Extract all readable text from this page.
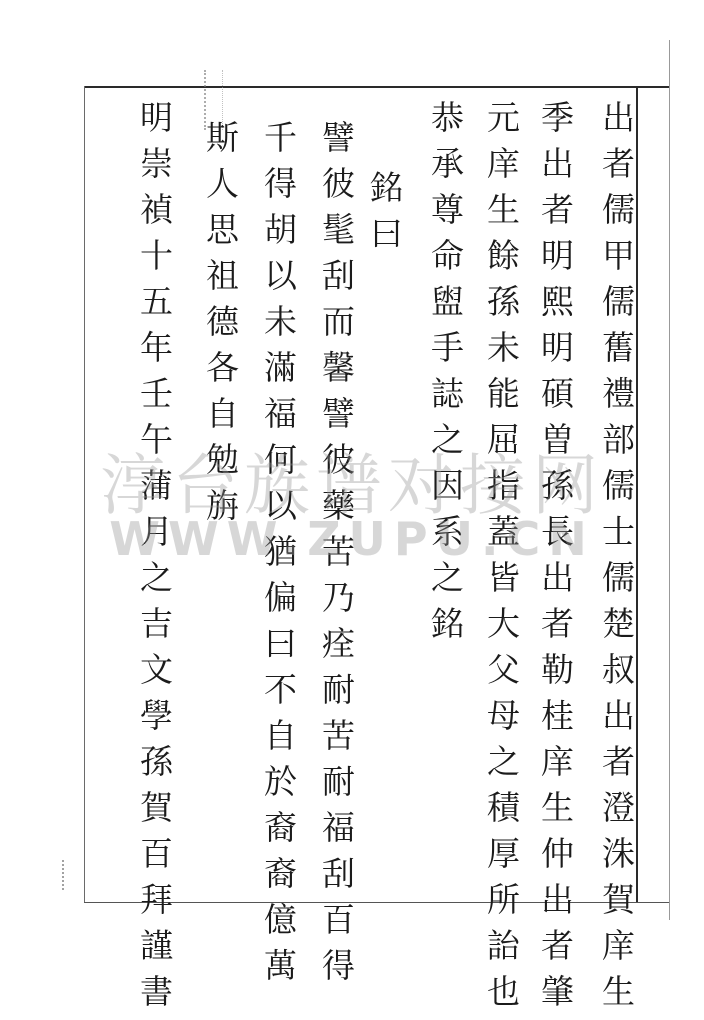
出者儒甲儒𦾔禮部儒士儒楚叔出者澄洙賀庠生
季出者明熙明碩曽孫長出者勒桂庠生仲出者肇
元庠生餘孫未能屈指蓋皆大父母之積厚所詒也
恭承尊命盥手誌之因系之銘
銘曰
譬彼髦刮而馨譬彼藥苦乃痊耐苦耐福刮百得
千得胡以未滿福何以猶偏曰不自於裔裔億萬
斯人思祖德各自勉旃
明崇禎十五年壬午蒲月之吉文學孫賀百拜謹書
淳台族谱对接网
WWW.ZUPU.CN
